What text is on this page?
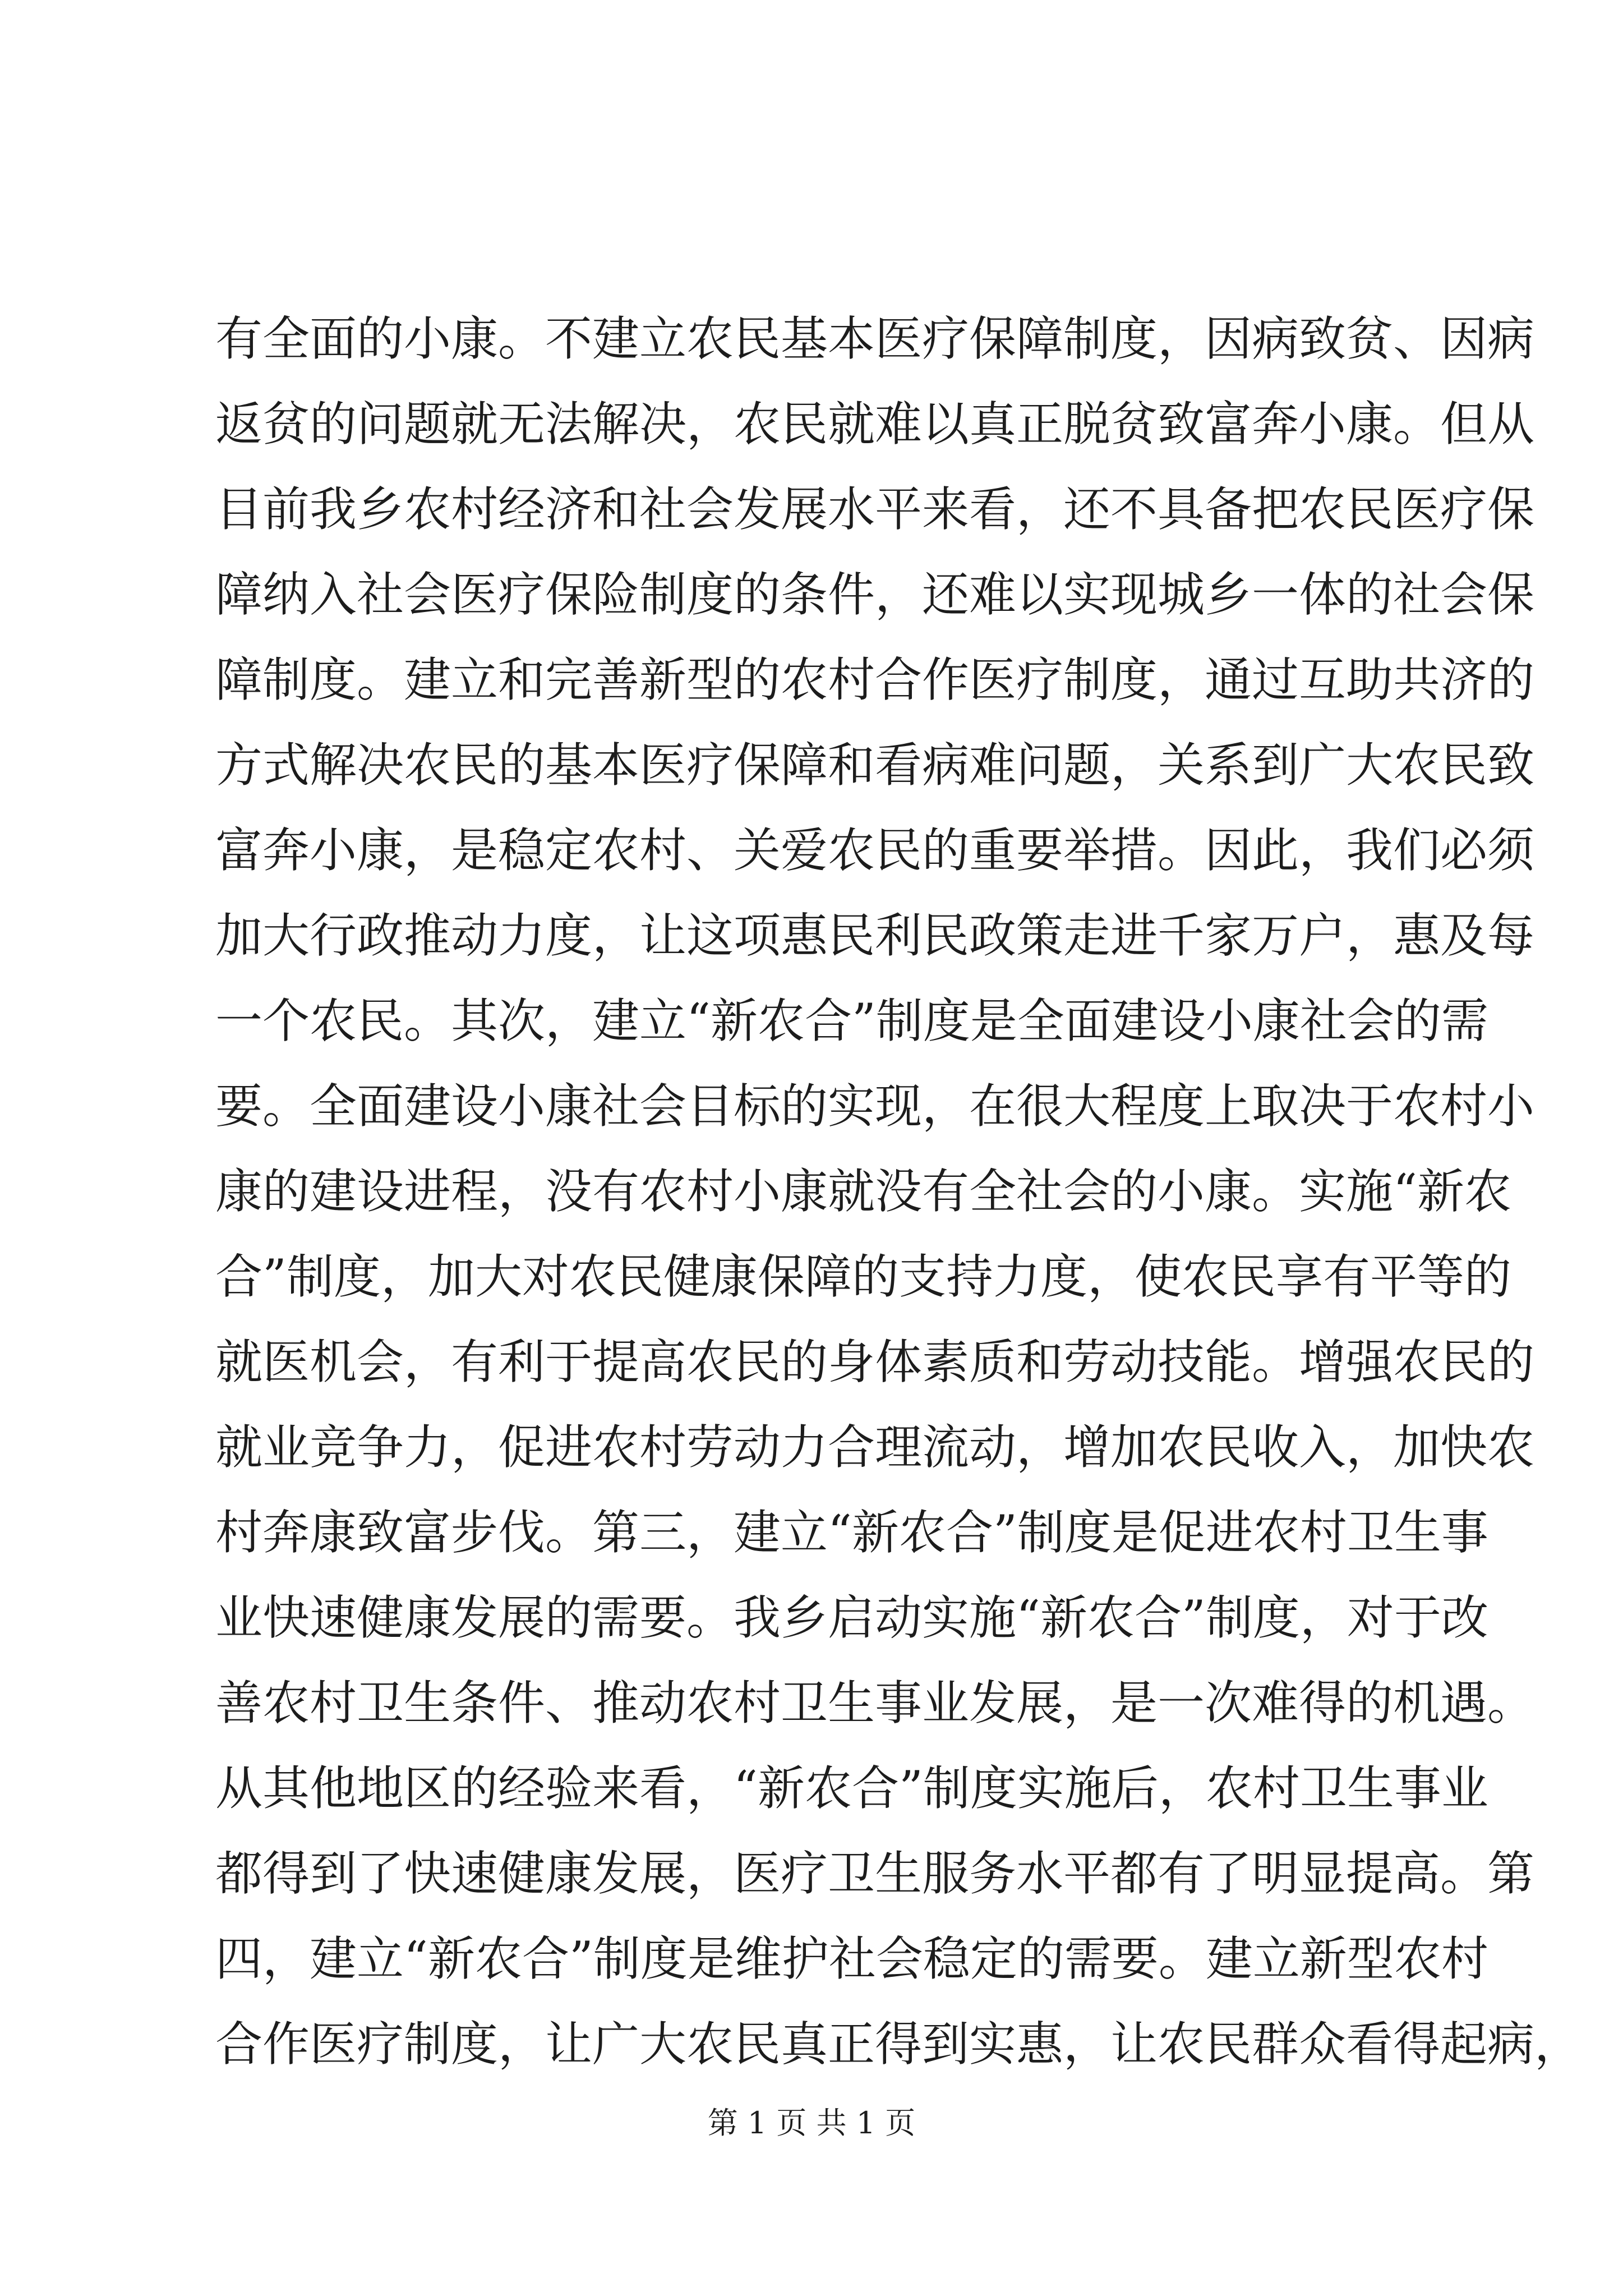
有全面的小康。不建立农民基本医疗保障制度，因病致贫、因病
返贫的问题就无法解决，农民就难以真正脱贫致富奔小康。但从
目前我乡农村经济和社会发展水平来看，还不具备把农民医疗保
障纳入社会医疗保险制度的条件，还难以实现城乡一体的社会保
障制度。建立和完善新型的农村合作医疗制度，通过互助共济的
方式解决农民的基本医疗保障和看病难问题，关系到广大农民致
富奔小康，是稳定农村、关爱农民的重要举措。因此，我们必须
加大行政推动力度，让这项惠民利民政策走进千家万户，惠及每
一个农民。其次，建立“新农合”制度是全面建设小康社会的需
要。全面建设小康社会目标的实现，在很大程度上取决于农村小
康的建设进程，没有农村小康就没有全社会的小康。实施“新农
合”制度，加大对农民健康保障的支持力度，使农民享有平等的
就医机会，有利于提高农民的身体素质和劳动技能。增强农民的
就业竞争力，促进农村劳动力合理流动，增加农民收入，加快农
村奔康致富步伐。第三，建立“新农合”制度是促进农村卫生事
业快速健康发展的需要。我乡启动实施“新农合”制度，对于改
善农村卫生条件、推动农村卫生事业发展，是一次难得的机遇。
从其他地区的经验来看，“新农合”制度实施后，农村卫生事业
都得到了快速健康发展，医疗卫生服务水平都有了明显提高。第
四，建立“新农合”制度是维护社会稳定的需要。建立新型农村
合作医疗制度，让广大农民真正得到实惠，让农民群众看得起病，
第 1 页 共 1 页
